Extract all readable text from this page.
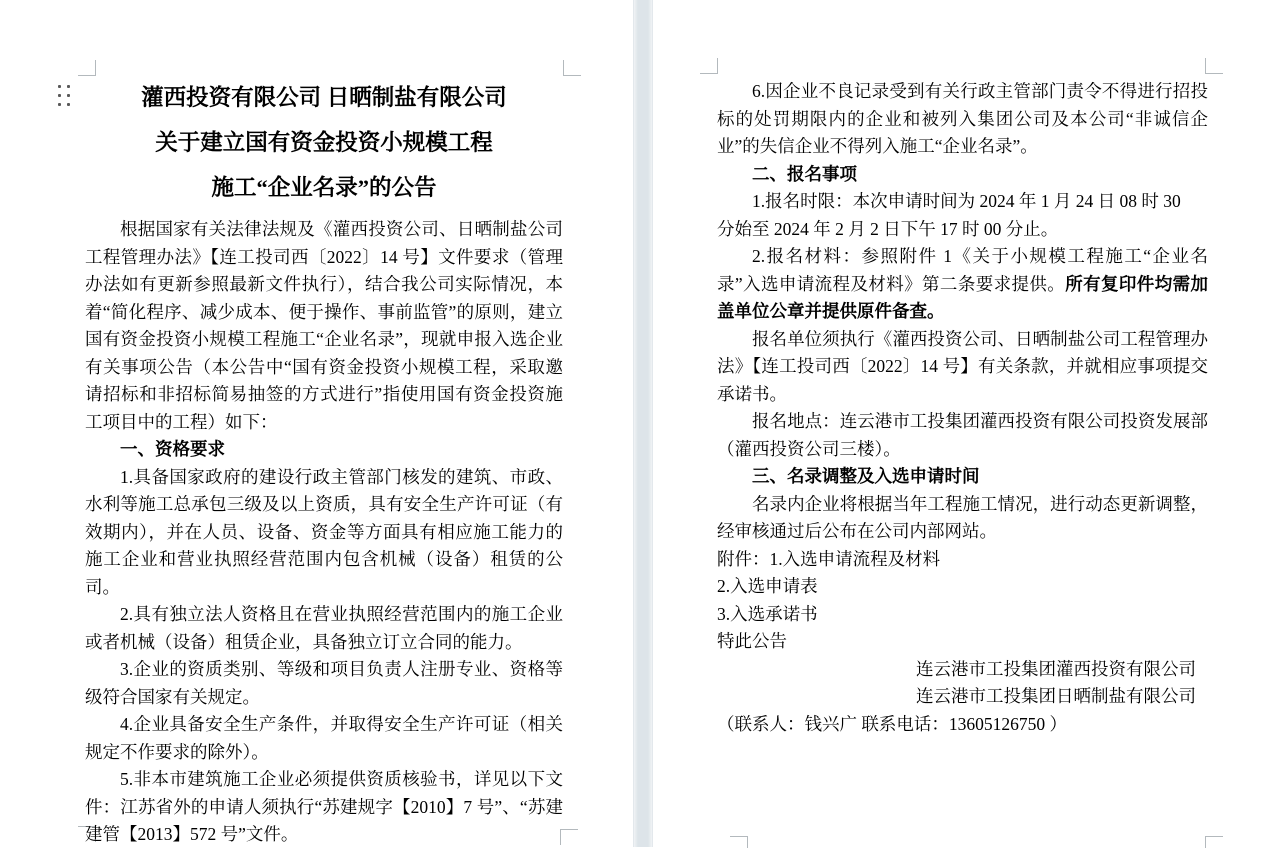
灌西投资有限公司 日晒制盐有限公司
关于建立国有资金投资小规模工程
施工“企业名录”的公告

根据国家有关法律法规及《灌西投资公司、日晒制盐公司工程管理办法》【连工投司西〔2022〕14 号】文件要求（管理办法如有更新参照最新文件执行），结合我公司实际情况，本着“简化程序、减少成本、便于操作、事前监管”的原则，建立国有资金投资小规模工程施工“企业名录”，现就申报入选企业有关事项公告（本公告中“国有资金投资小规模工程，采取邀请招标和非招标简易抽签的方式进行”指使用国有资金投资施工项目中的工程）如下：

一、资格要求

1.具备国家政府的建设行政主管部门核发的建筑、市政、水利等施工总承包三级及以上资质，具有安全生产许可证（有效期内），并在人员、设备、资金等方面具有相应施工能力的施工企业和营业执照经营范围内包含机械（设备）租赁的公司。

2.具有独立法人资格且在营业执照经营范围内的施工企业或者机械（设备）租赁企业，具备独立订立合同的能力。

3.企业的资质类别、等级和项目负责人注册专业、资格等级符合国家有关规定。

4.企业具备安全生产条件，并取得安全生产许可证（相关规定不作要求的除外）。

5.非本市建筑施工企业必须提供资质核验书，详见以下文件：江苏省外的申请人须执行“苏建规字【2010】7 号”、“苏建建管【2013】572 号”文件。

6.因企业不良记录受到有关行政主管部门责令不得进行招投标的处罚期限内的企业和被列入集团公司及本公司“非诚信企业”的失信企业不得列入施工“企业名录”。

二、报名事项

1.报名时限：本次申请时间为 2024 年 1 月 24 日 08 时 30

分始至 2024 年 2 月 2 日下午 17 时 00 分止。

2.报名材料：参照附件 1《关于小规模工程施工“企业名录”入选申请流程及材料》第二条要求提供。所有复印件均需加盖单位公章并提供原件备查。

报名单位须执行《灌西投资公司、日晒制盐公司工程管理办法》【连工投司西〔2022〕14 号】有关条款，并就相应事项提交承诺书。

报名地点：连云港市工投集团灌西投资有限公司投资发展部（灌西投资公司三楼）。

三、名录调整及入选申请时间

名录内企业将根据当年工程施工情况，进行动态更新调整，经审核通过后公布在公司内部网站。

附件：1.入选申请流程及材料

2.入选申请表

3.入选承诺书

特此公告

连云港市工投集团灌西投资有限公司

连云港市工投集团日晒制盐有限公司

（联系人：钱兴广 联系电话：13605126750 ）
